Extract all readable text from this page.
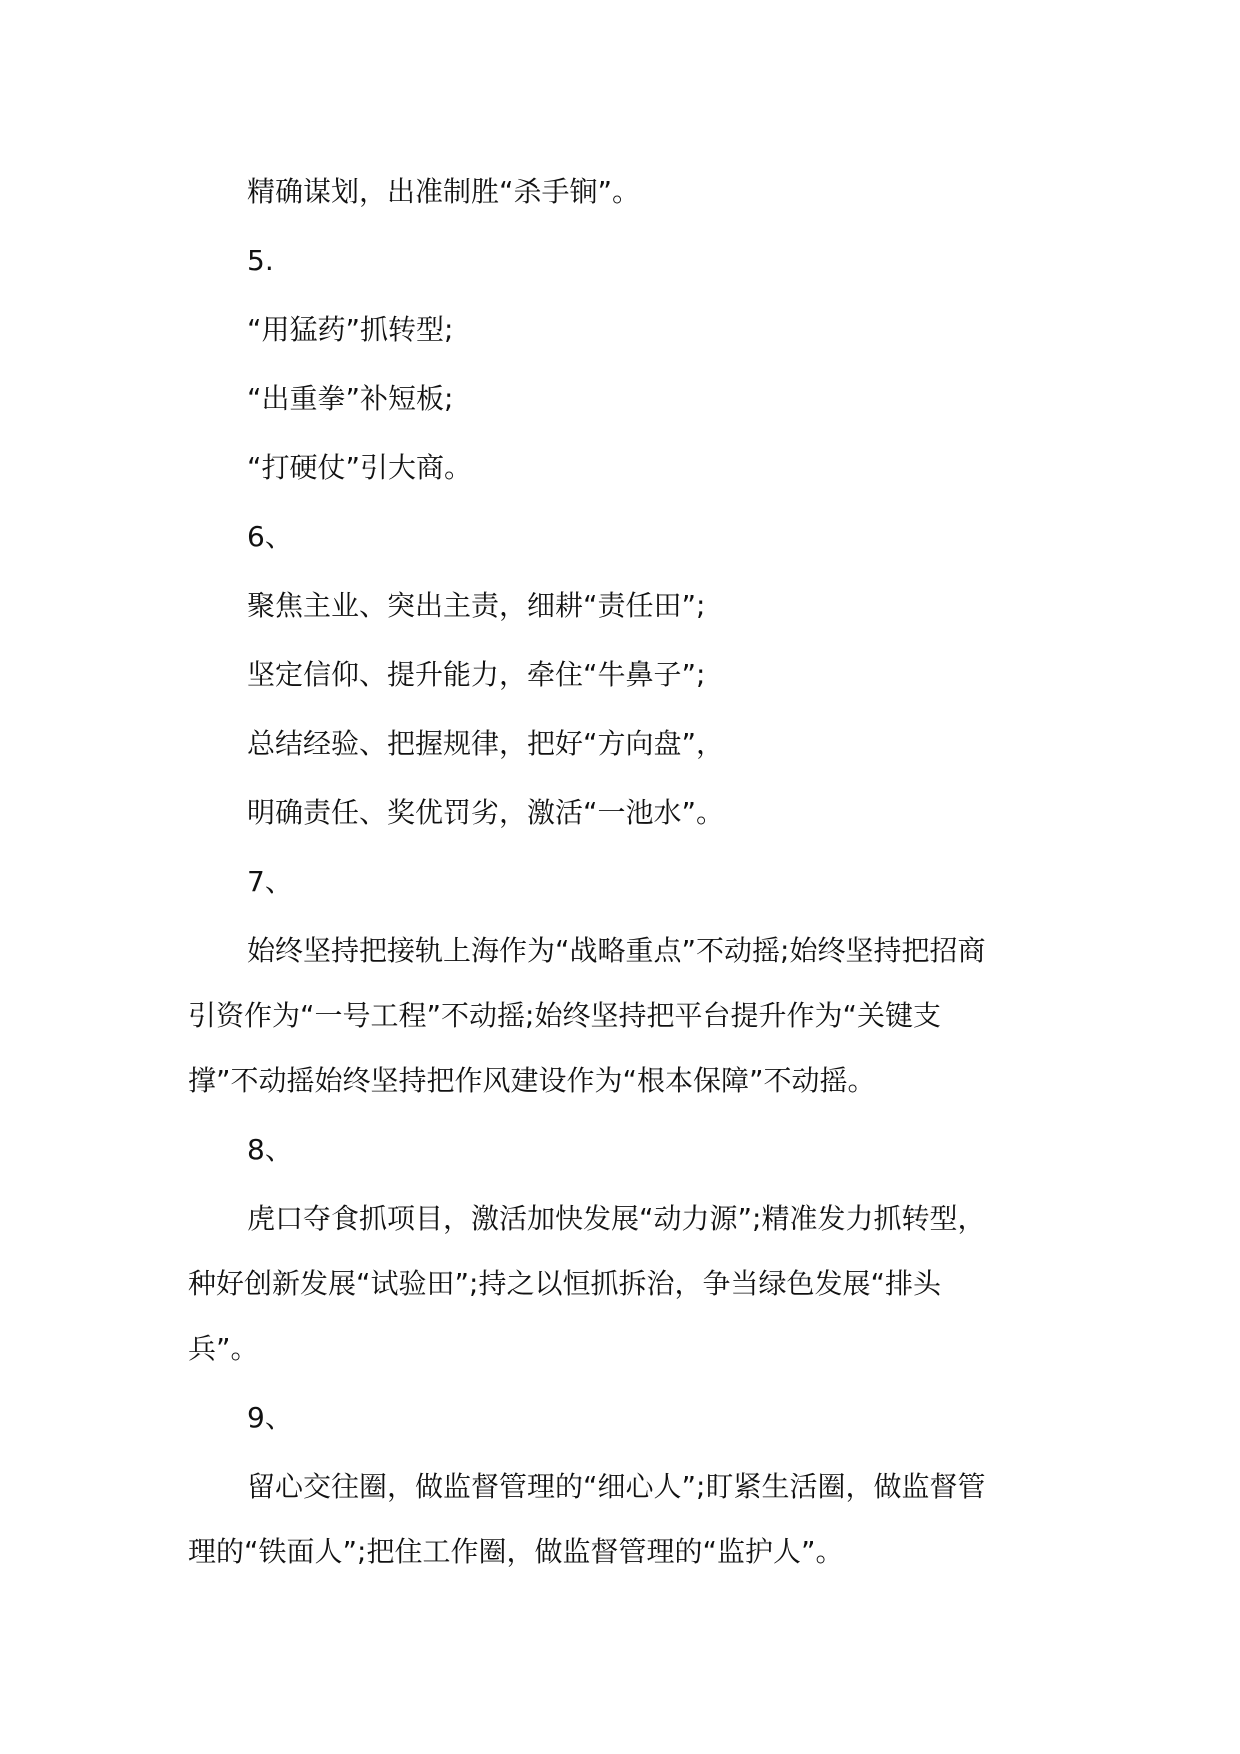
精确谋划，出准制胜“杀手锏”。

5.

“用猛药”抓转型;

“出重拳”补短板;

“打硬仗”引大商。

6、

聚焦主业、突出主责，细耕“责任田”;

坚定信仰、提升能力，牵住“牛鼻子”;

总结经验、把握规律，把好“方向盘”，

明确责任、奖优罚劣，激活“一池水”。

7、

始终坚持把接轨上海作为“战略重点”不动摇;始终坚持把招商

引资作为“一号工程”不动摇;始终坚持把平台提升作为“关键支

撑”不动摇始终坚持把作风建设作为“根本保障”不动摇。

8、

虎口夺食抓项目，激活加快发展“动力源”;精准发力抓转型，

种好创新发展“试验田”;持之以恒抓拆治，争当绿色发展“排头

兵”。

9、

留心交往圈，做监督管理的“细心人”;盯紧生活圈，做监督管

理的“铁面人”;把住工作圈，做监督管理的“监护人”。
